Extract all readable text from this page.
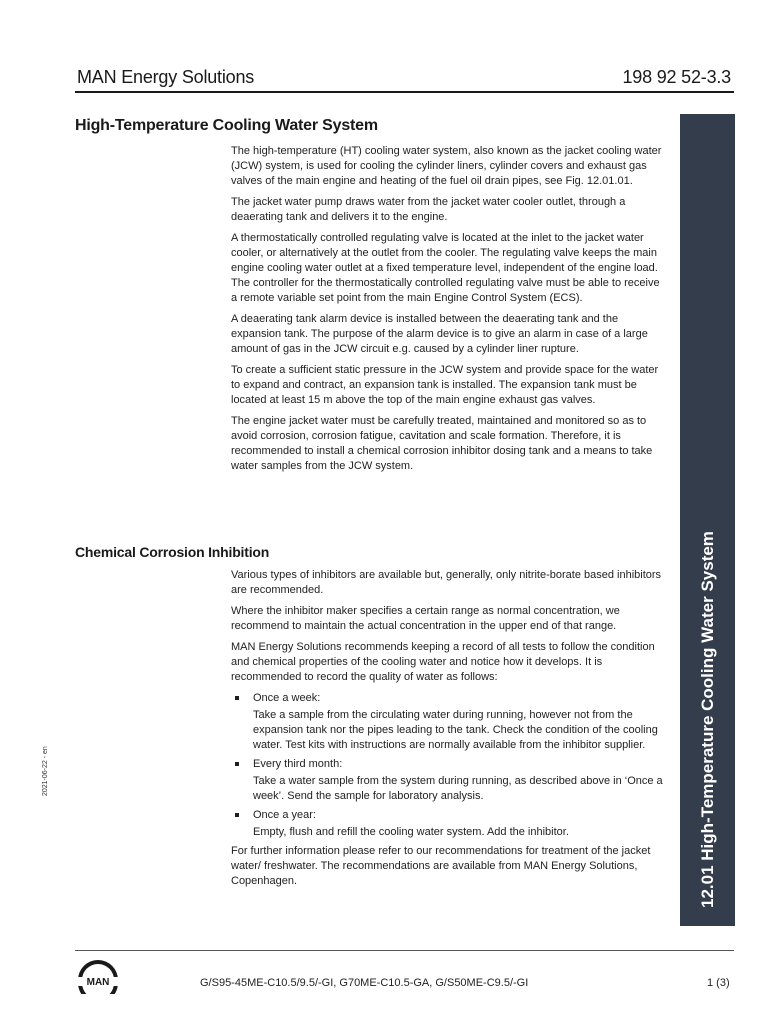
MAN Energy Solutions	198 92 52-3.3
12.01 High-Temperature Cooling Water System
2021-06-22 - en
High-Temperature Cooling Water System

The high-temperature (HT) cooling water system, also known as the jacket cooling water (JCW) system, is used for cooling the cylinder liners, cylinder covers and exhaust gas valves of the main engine and heating of the fuel oil drain pipes, see Fig. 12.01.01.

The jacket water pump draws water from the jacket water cooler outlet, through a deaerating tank and delivers it to the engine.

A thermostatically controlled regulating valve is located at the inlet to the jacket water cooler, or alternatively at the outlet from the cooler. The regulating valve keeps the main engine cooling water outlet at a fixed temperature level, independent of the engine load. The controller for the thermostatically controlled regulating valve must be able to receive a remote variable set point from the main Engine Control System (ECS).

A deaerating tank alarm device is installed between the deaerating tank and the expansion tank. The purpose of the alarm device is to give an alarm in case of a large amount of gas in the JCW circuit e.g. caused by a cylinder liner rupture.

To create a sufficient static pressure in the JCW system and provide space for the water to expand and contract, an expansion tank is installed. The expansion tank must be located at least 15 m above the top of the main engine exhaust gas valves.

The engine jacket water must be carefully treated, maintained and monitored so as to avoid corrosion, corrosion fatigue, cavitation and scale formation. Therefore, it is recommended to install a chemical corrosion inhibitor dosing tank and a means to take water samples from the JCW system.

Chemical Corrosion Inhibition

Various types of inhibitors are available but, generally, only nitrite-borate based inhibitors are recommended.

Where the inhibitor maker specifies a certain range as normal concentration, we recommend to maintain the actual concentration in the upper end of that range.

MAN Energy Solutions recommends keeping a record of all tests to follow the condition and chemical properties of the cooling water and notice how it develops. It is recommended to record the quality of water as follows:

Once a week:
Take a sample from the circulating water during running, however not from the expansion tank nor the pipes leading to the tank. Check the condition of the cooling water. Test kits with instructions are normally available from the inhibitor supplier.
Every third month:
Take a water sample from the system during running, as described above in ‘Once a week’. Send the sample for laboratory analysis.
Once a year:
Empty, flush and refill the cooling water system. Add the inhibitor.

For further information please refer to our recommendations for treatment of the jacket water/ freshwater. The recommendations are available from MAN Energy Solutions, Copenhagen.

MAN	G/S95-45ME-C10.5/9.5/-GI, G70ME-C10.5-GA, G/S50ME-C9.5/-GI	1 (3)
